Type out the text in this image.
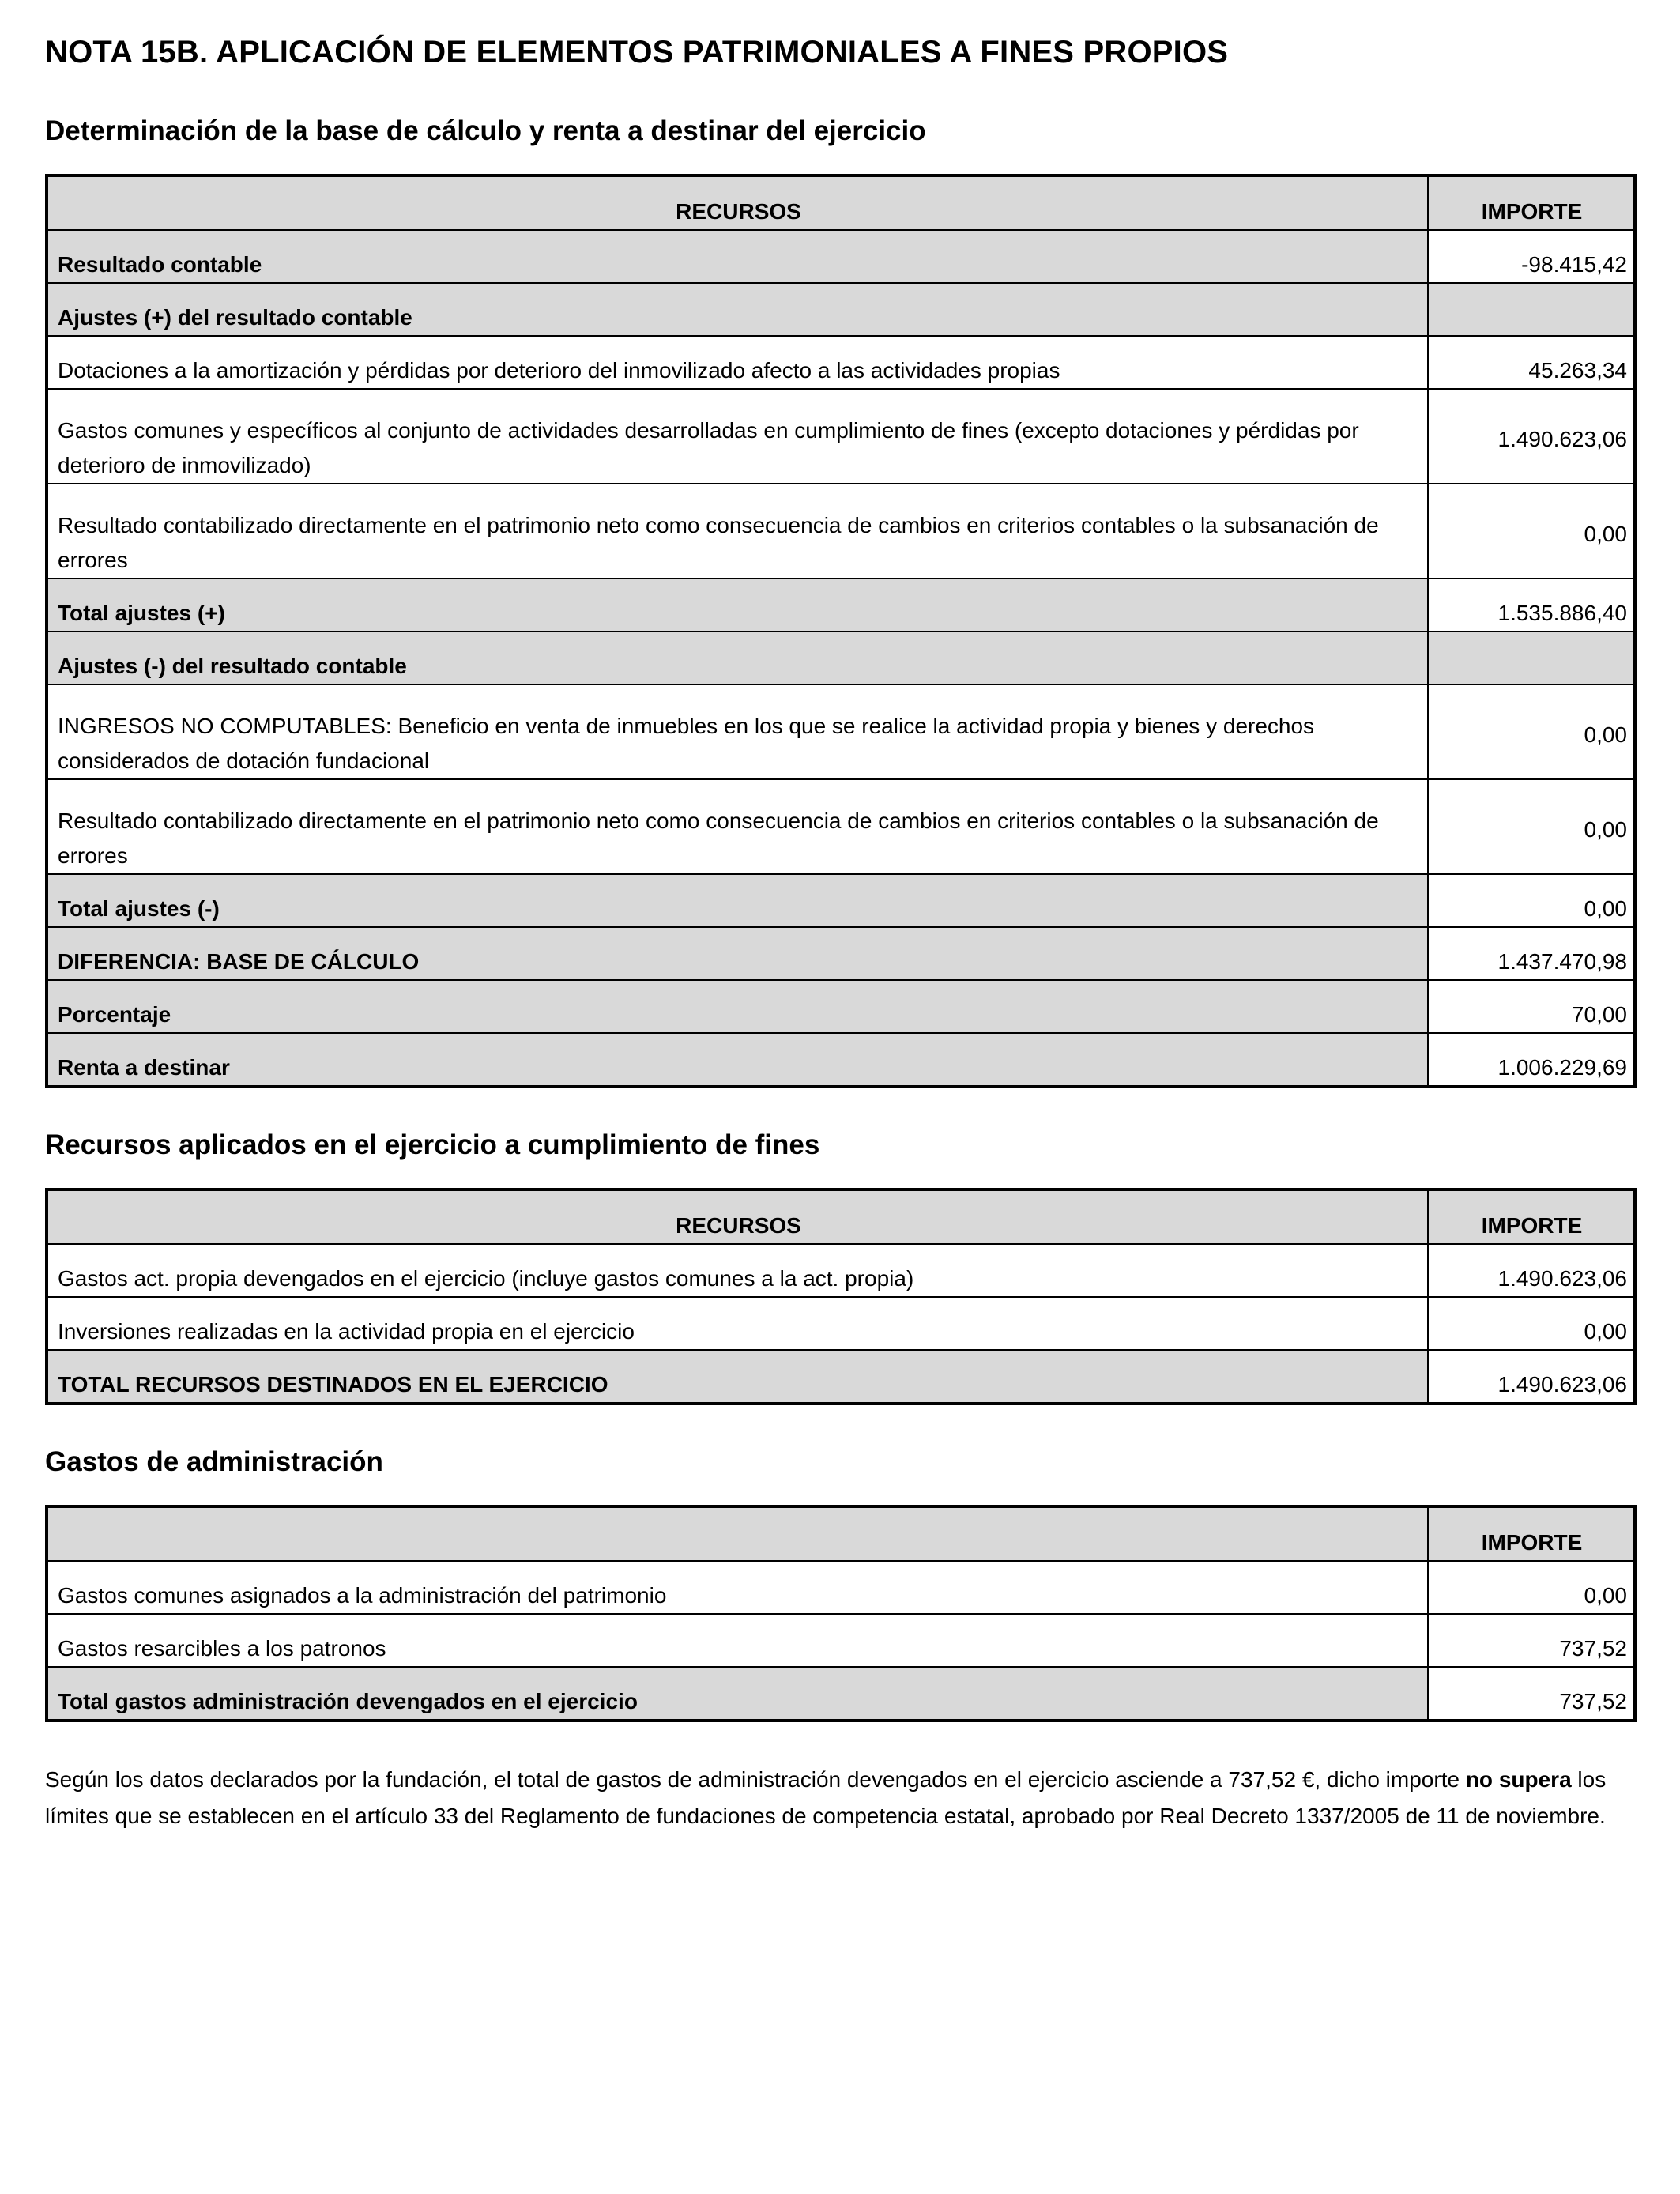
NOTA 15B. APLICACIÓN DE ELEMENTOS PATRIMONIALES A FINES PROPIOS
Determinación de la base de cálculo y renta a destinar del ejercicio
RECURSOS	IMPORTE
Resultado contable	-98.415,42
Ajustes (+) del resultado contable	
Dotaciones a la amortización y pérdidas por deterioro del inmovilizado afecto a las actividades propias	45.263,34
Gastos comunes y específicos al conjunto de actividades desarrolladas en cumplimiento de fines (excepto dotaciones y pérdidas por deterioro de inmovilizado)	1.490.623,06
Resultado contabilizado directamente en el patrimonio neto como consecuencia de cambios en criterios contables o la subsanación de errores	0,00
Total ajustes (+)	1.535.886,40
Ajustes (-) del resultado contable	
INGRESOS NO COMPUTABLES: Beneficio en venta de inmuebles en los que se realice la actividad propia y bienes y derechos considerados de dotación fundacional	0,00
Resultado contabilizado directamente en el patrimonio neto como consecuencia de cambios en criterios contables o la subsanación de errores	0,00
Total ajustes (-)	0,00
DIFERENCIA: BASE DE CÁLCULO	1.437.470,98
Porcentaje	70,00
Renta a destinar	1.006.229,69
Recursos aplicados en el ejercicio a cumplimiento de fines
RECURSOS	IMPORTE
Gastos act. propia devengados en el ejercicio (incluye gastos comunes a la act. propia)	1.490.623,06
Inversiones realizadas en la actividad propia en el ejercicio	0,00
TOTAL RECURSOS DESTINADOS EN EL EJERCICIO	1.490.623,06
Gastos de administración
	IMPORTE
Gastos comunes asignados a la administración del patrimonio	0,00
Gastos resarcibles a los patronos	737,52
Total gastos administración devengados en el ejercicio	737,52

Según los datos declarados por la fundación, el total de gastos de administración devengados en el ejercicio asciende a 737,52 €, dicho importe no supera los límites que se establecen en el artículo 33 del Reglamento de fundaciones de competencia estatal, aprobado por Real Decreto 1337/2005 de 11 de noviembre.
